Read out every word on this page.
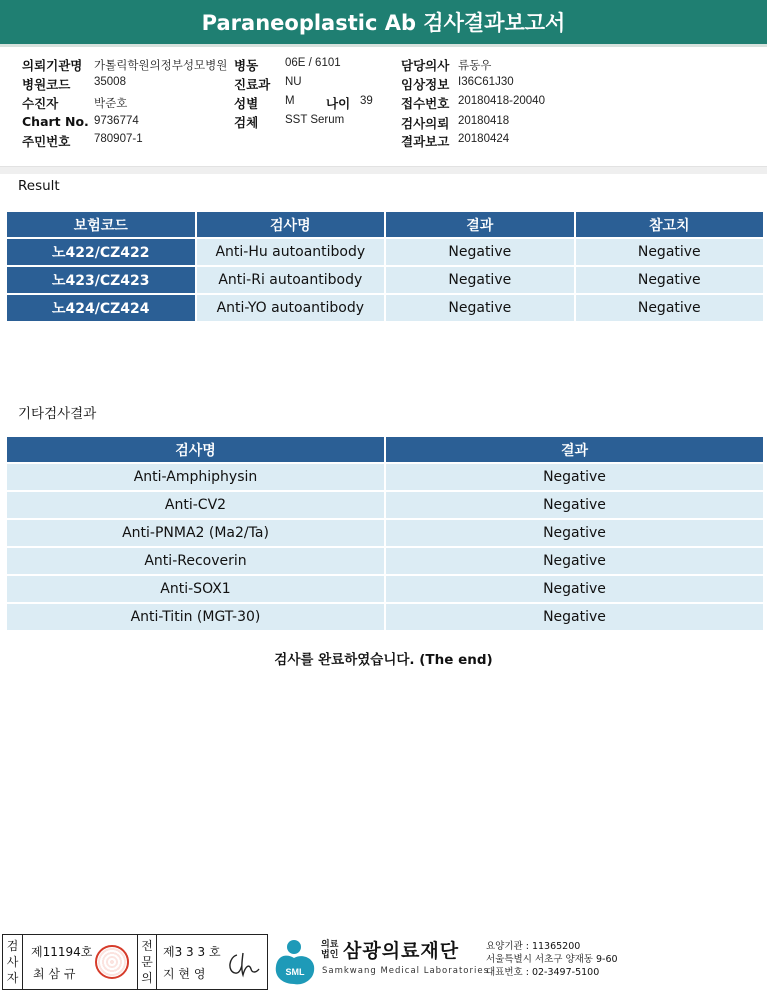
Paraneoplastic Ab 검사결과보고서
의뢰기관명 가톨릭학원의정부성모병원 병동 06E / 6101	담당의사 류동우
병원코드 35008	진료과 NU	임상정보 I36C61J30
수진자	박준호	성별 M	나이 39 접수번호 20180418-20040
Chart No. 9736774	검체 SST Serum	검사의뢰 20180418
주민번호 780907-1	결과보고 20180424
Result
보험코드	검사명	결과	참고치
노422/CZ422	Anti-Hu autoantibody	Negative	Negative
노423/CZ423	Anti-Ri autoantibody	Negative	Negative
노424/CZ424	Anti-YO autoantibody	Negative	Negative
기타검사결과
검사명	결과
Anti-Amphiphysin	Negative
Anti-CV2	Negative
Anti-PNMA2 (Ma2/Ta)	Negative
Anti-Recoverin	Negative
Anti-SOX1	Negative
Anti-Titin (MGT-30)	Negative
검사를 완료하였습니다. (The end)
검
사
자
제11194호
최 삼 규
전
문
의
제3 3 3 호
지 현 영	SML
의료
법인 삼광의료재단
Samkwang Medical Laboratories
요양기관 : 11365200
서울특별시 서초구 양재동 9-60
대표번호 : 02-3497-5100
